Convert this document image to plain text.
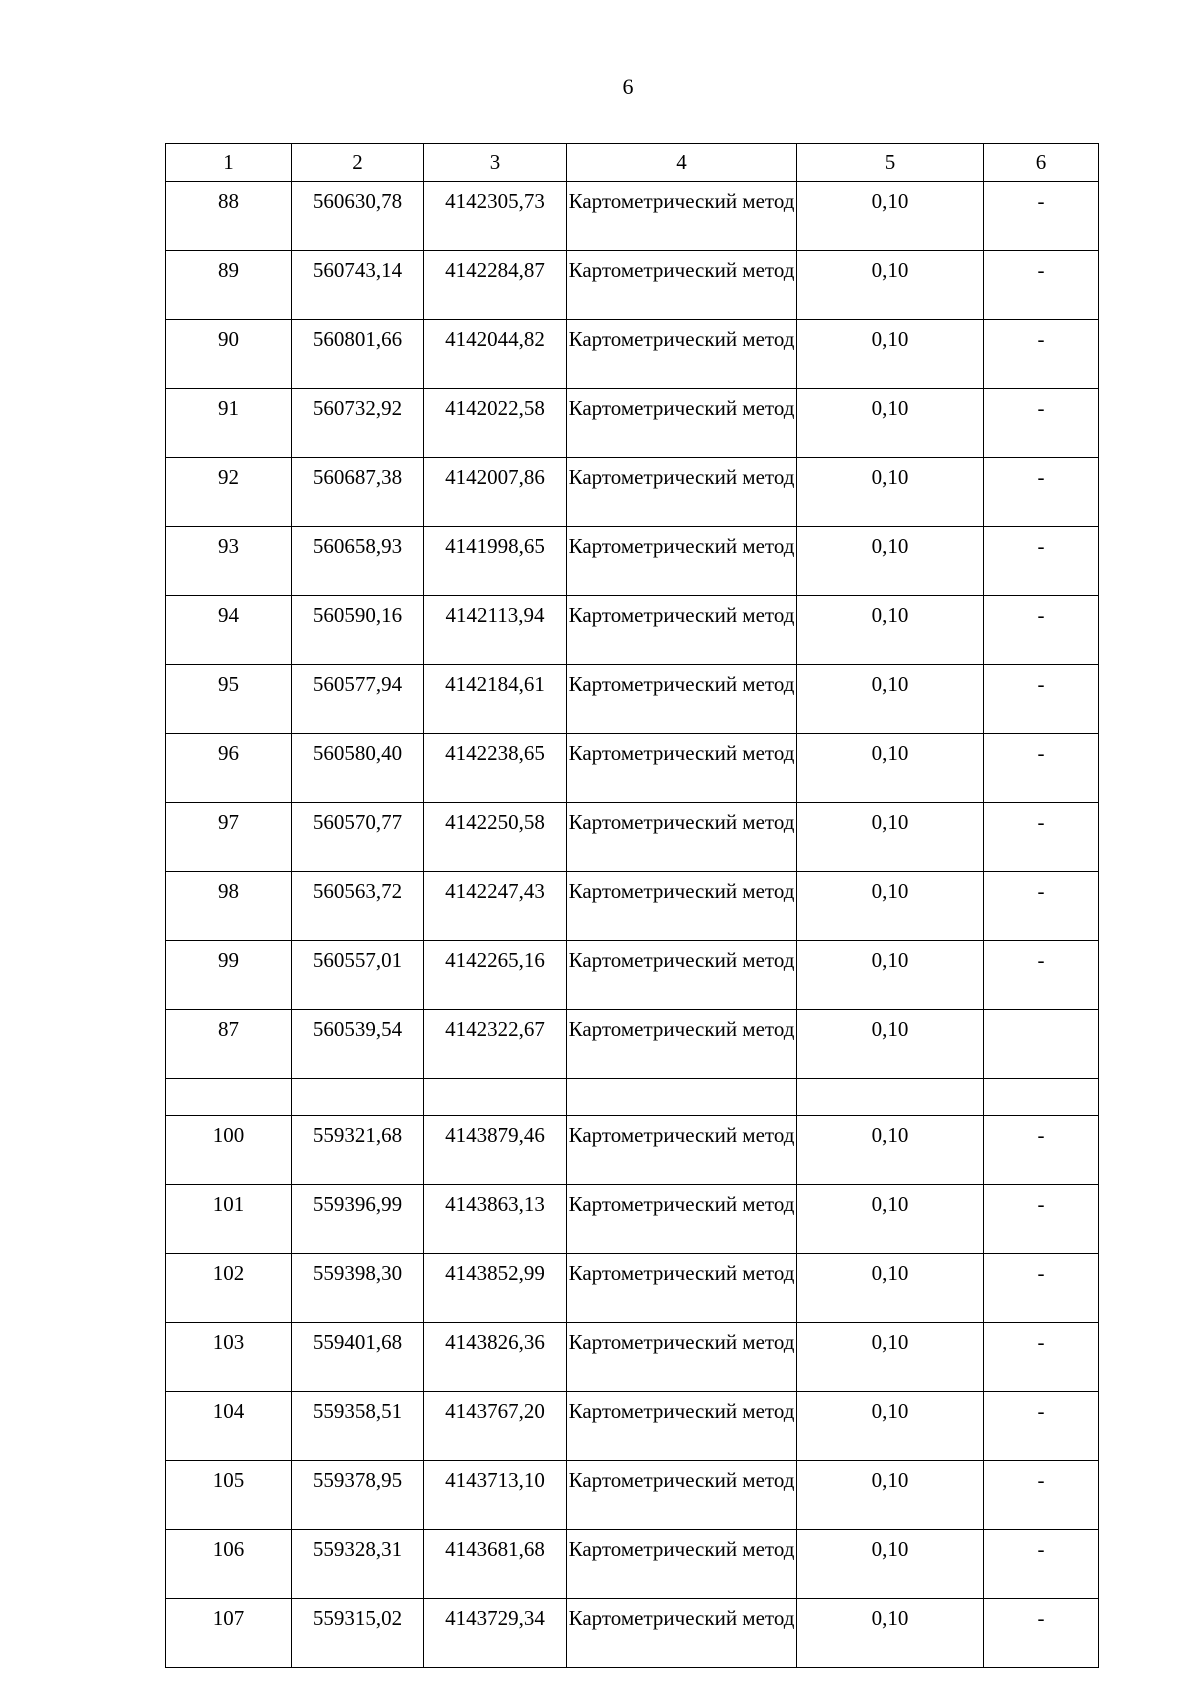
6
1	2	3	4	5	6
88	560630,78	4142305,73	Картометрический метод	0,10	-
89	560743,14	4142284,87	Картометрический метод	0,10	-
90	560801,66	4142044,82	Картометрический метод	0,10	-
91	560732,92	4142022,58	Картометрический метод	0,10	-
92	560687,38	4142007,86	Картометрический метод	0,10	-
93	560658,93	4141998,65	Картометрический метод	0,10	-
94	560590,16	4142113,94	Картометрический метод	0,10	-
95	560577,94	4142184,61	Картометрический метод	0,10	-
96	560580,40	4142238,65	Картометрический метод	0,10	-
97	560570,77	4142250,58	Картометрический метод	0,10	-
98	560563,72	4142247,43	Картометрический метод	0,10	-
99	560557,01	4142265,16	Картометрический метод	0,10	-
87	560539,54	4142322,67	Картометрический метод	0,10	

100	559321,68	4143879,46	Картометрический метод	0,10	-
101	559396,99	4143863,13	Картометрический метод	0,10	-
102	559398,30	4143852,99	Картометрический метод	0,10	-
103	559401,68	4143826,36	Картометрический метод	0,10	-
104	559358,51	4143767,20	Картометрический метод	0,10	-
105	559378,95	4143713,10	Картометрический метод	0,10	-
106	559328,31	4143681,68	Картометрический метод	0,10	-
107	559315,02	4143729,34	Картометрический метод	0,10	-
